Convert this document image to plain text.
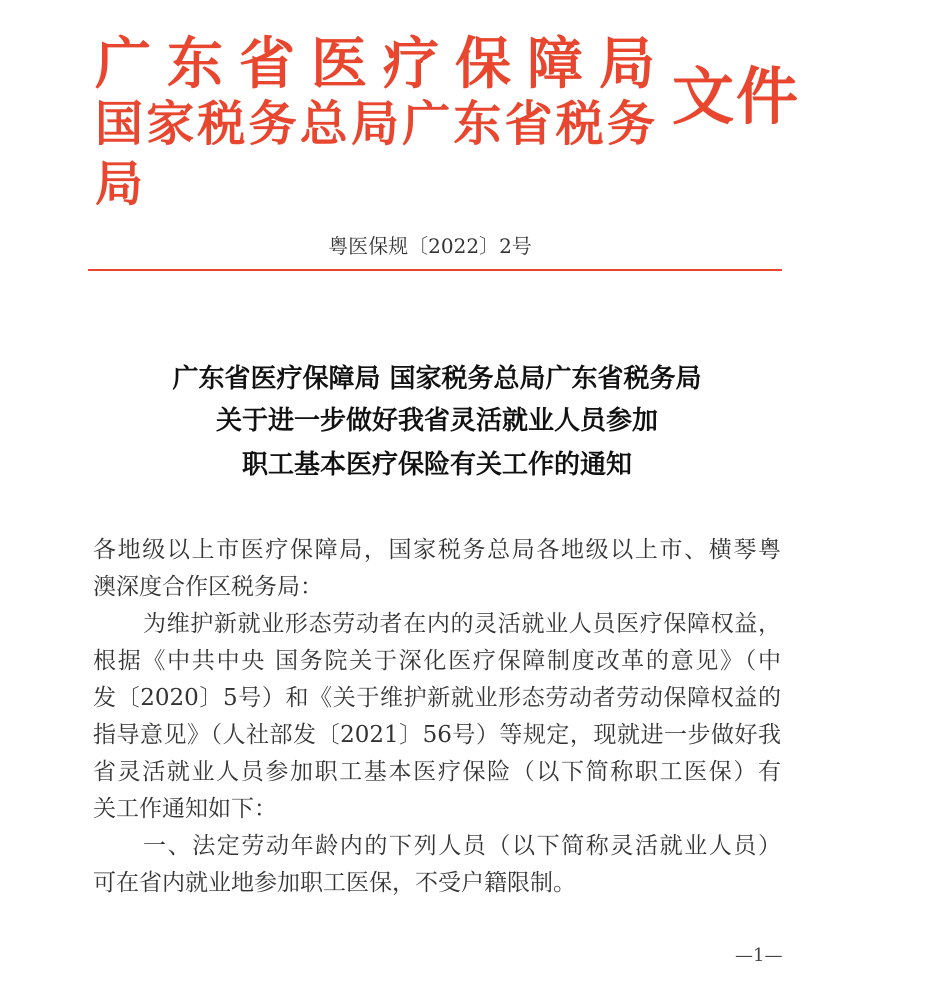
广东省医疗保障局
国家税务总局广东省税务局
文件
粤医保规〔2022〕2号
广东省医疗保障局 国家税务总局广东省税务局
关于进一步做好我省灵活就业人员参加
职工基本医疗保险有关工作的通知
各地级以上市医疗保障局，国家税务总局各地级以上市、横琴粤
澳深度合作区税务局：
为维护新就业形态劳动者在内的灵活就业人员医疗保障权益，
根据《中共中央 国务院关于深化医疗保障制度改革的意见》（中
发〔2020〕5号）和《关于维护新就业形态劳动者劳动保障权益的
指导意见》（人社部发〔2021〕56号）等规定，现就进一步做好我
省灵活就业人员参加职工基本医疗保险（以下简称职工医保）有
关工作通知如下：
一、法定劳动年龄内的下列人员（以下简称灵活就业人员）
可在省内就业地参加职工医保，不受户籍限制。
—1—
